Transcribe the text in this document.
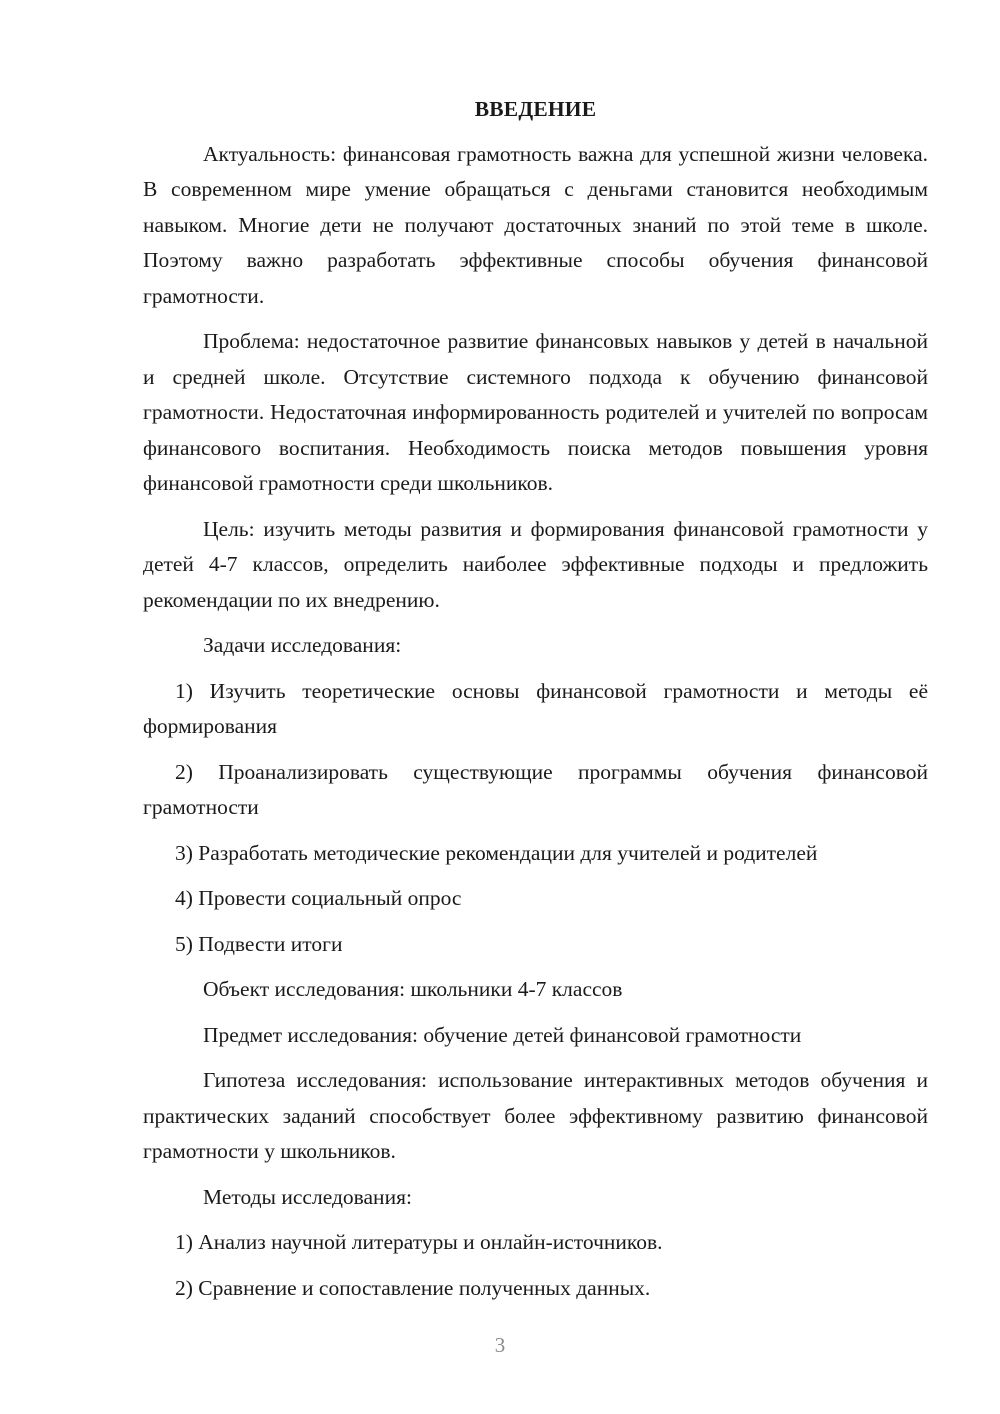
ВВЕДЕНИЕ

Актуальность: финансовая грамотность важна для успешной жизни человека. В современном мире умение обращаться с деньгами становится необходимым навыком. Многие дети не получают достаточных знаний по этой теме в школе. Поэтому важно разработать эффективные способы обучения финансовой грамотности.

Проблема: недостаточное развитие финансовых навыков у детей в начальной и средней школе. Отсутствие системного подхода к обучению финансовой грамотности. Недостаточная информированность родителей и учителей по вопросам финансового воспитания. Необходимость поиска методов повышения уровня финансовой грамотности среди школьников.

Цель: изучить методы развития и формирования финансовой грамотности у детей 4-7 классов, определить наиболее эффективные подходы и предложить рекомендации по их внедрению.

Задачи исследования:

1) Изучить теоретические основы финансовой грамотности и методы её формирования

2) Проанализировать существующие программы обучения финансовой грамотности

3) Разработать методические рекомендации для учителей и родителей

4) Провести социальный опрос

5) Подвести итоги

Объект исследования: школьники 4-7 классов

Предмет исследования: обучение детей финансовой грамотности

Гипотеза исследования: использование интерактивных методов обучения и практических заданий способствует более эффективному развитию финансовой грамотности у школьников.

Методы исследования:

1) Анализ научной литературы и онлайн-источников.

2) Сравнение и сопоставление полученных данных.

3
